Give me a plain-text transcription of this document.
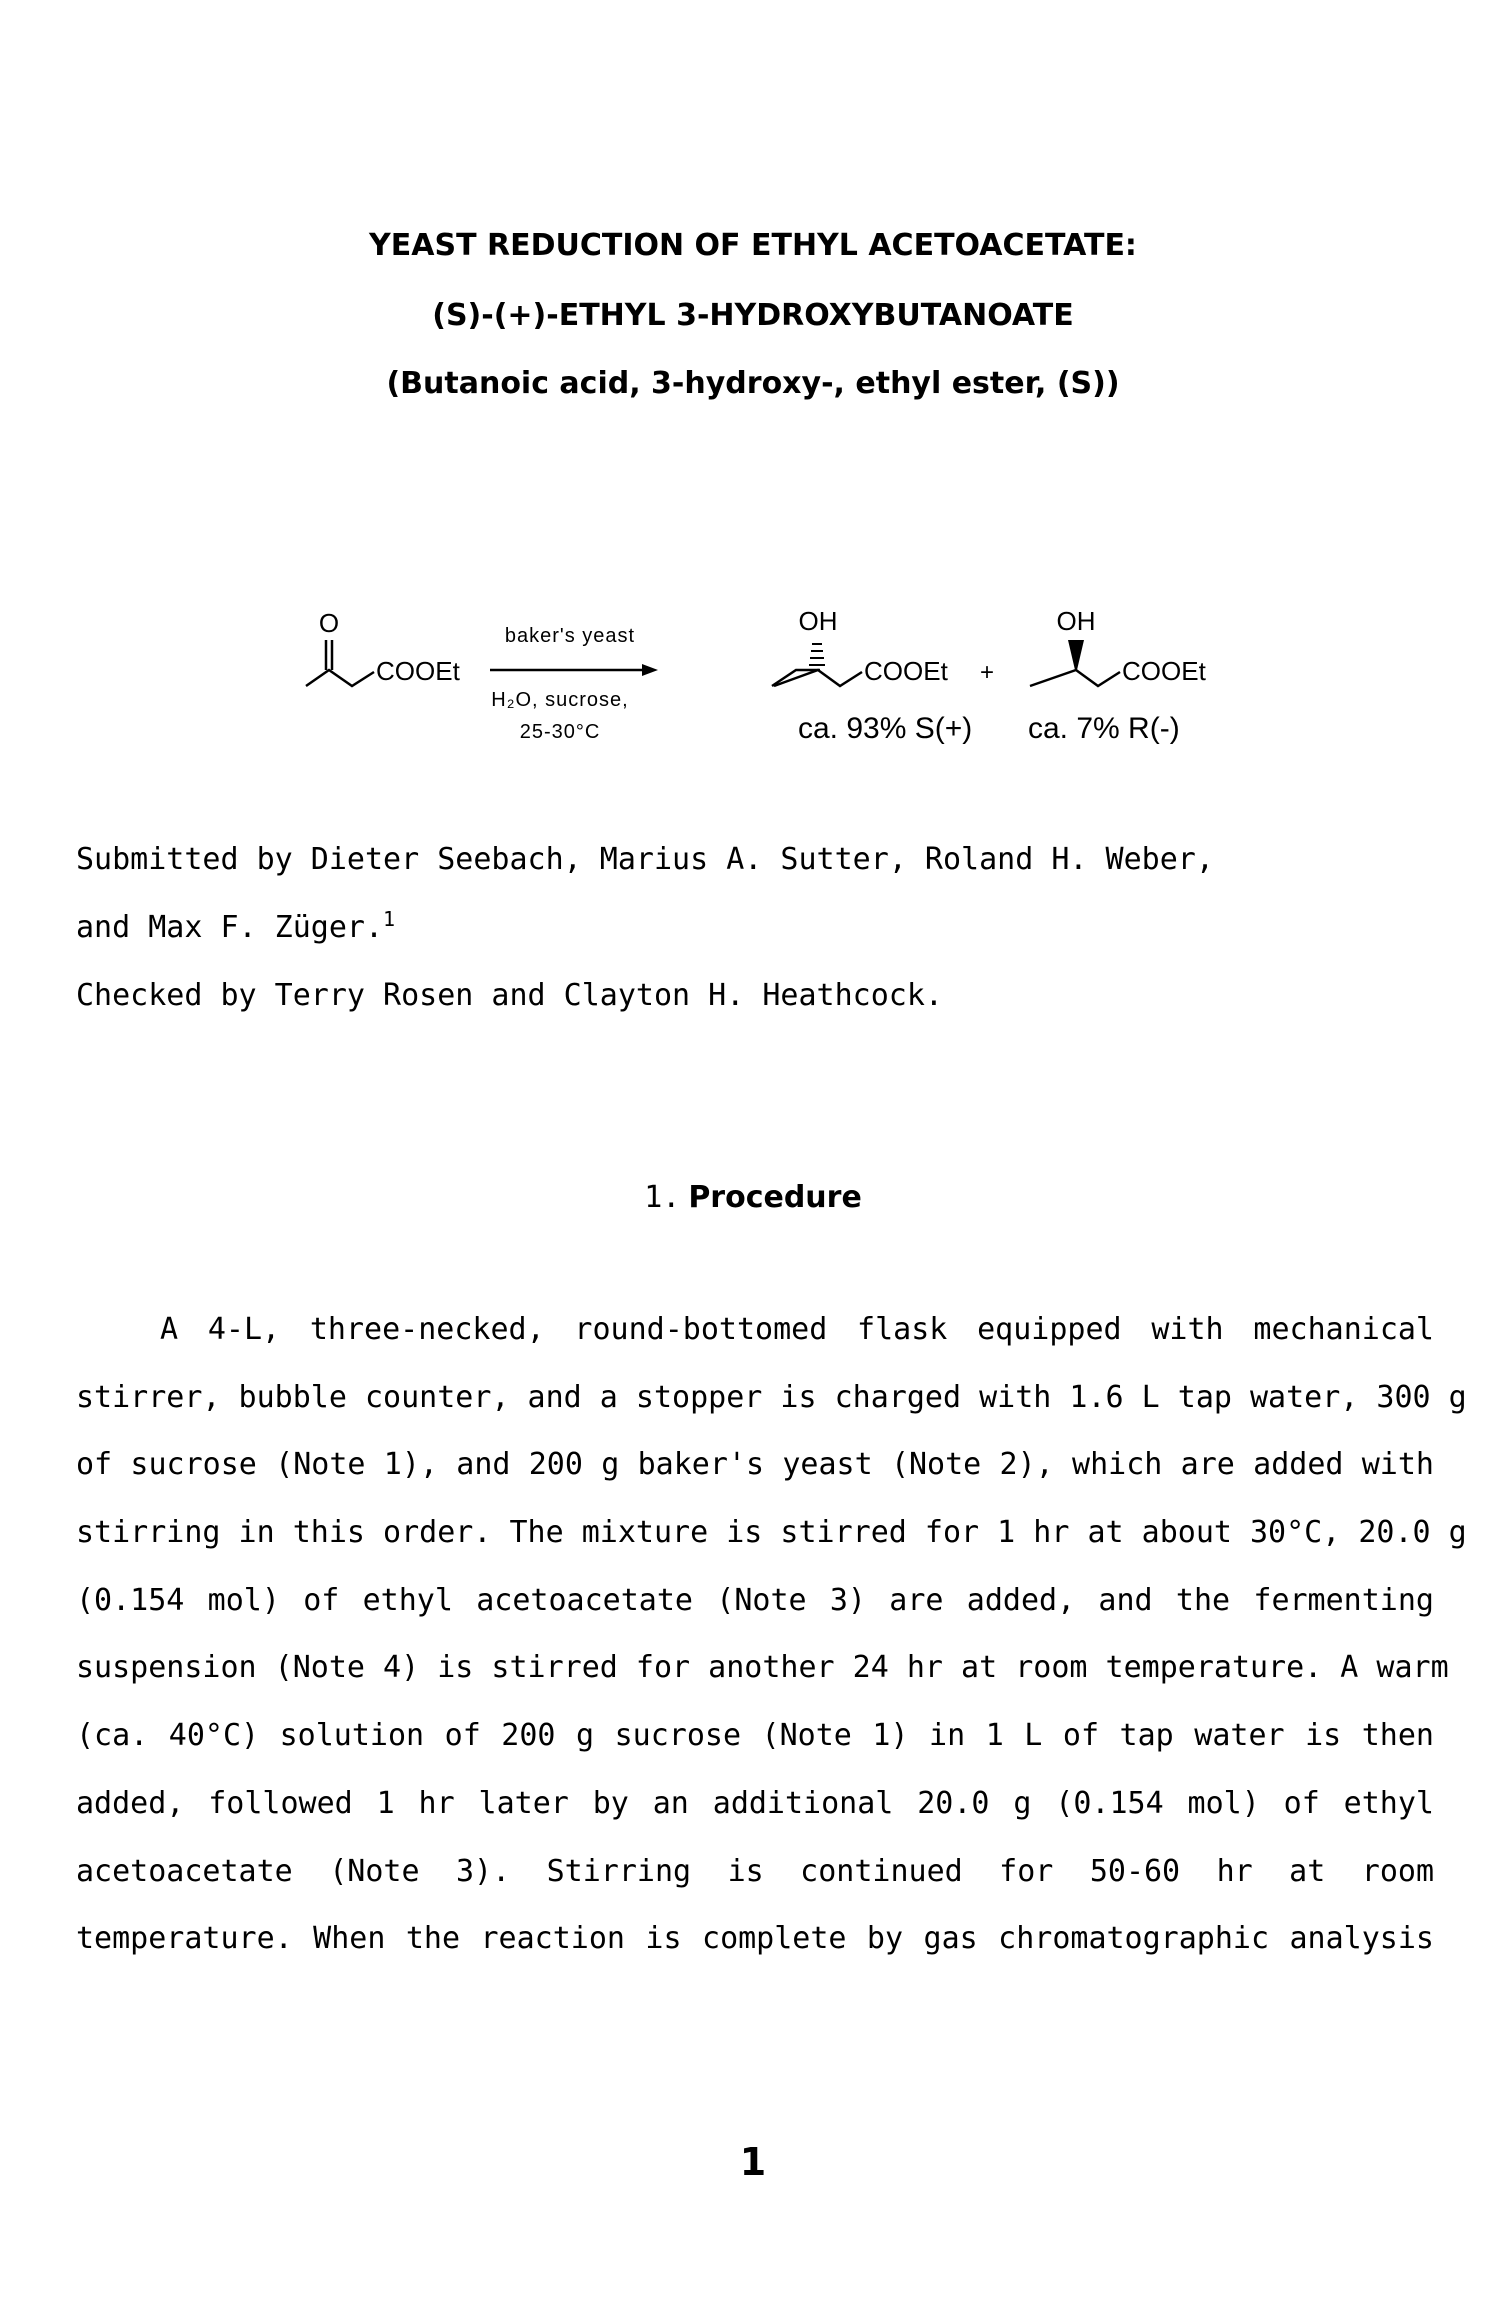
YEAST REDUCTION OF ETHYL ACETOACETATE:
(S)-(+)-ETHYL 3-HYDROXYBUTANOATE
(Butanoic acid, 3-hydroxy-, ethyl ester, (S))
O
COOEt
baker's yeast
H₂O, sucrose,
25-30°C
OH
COOEt
ca. 93% S(+)
+
OH
COOEt
ca. 7% R(-)
Submitted by Dieter Seebach, Marius A. Sutter, Roland H. Weber,
and Max F. Züger.$^1$
Checked by Terry Rosen and Clayton H. Heathcock.
1. Procedure
A 4-L, three-necked, round-bottomed flask equipped with mechanical
stirrer, bubble counter, and a stopper is charged with 1.6 L tap water, 300 g
of sucrose (Note 1), and 200 g baker's yeast (Note 2), which are added with
stirring in this order. The mixture is stirred for 1 hr at about 30°C, 20.0 g
(0.154 mol) of ethyl acetoacetate (Note 3) are added, and the fermenting
suspension (Note 4) is stirred for another 24 hr at room temperature. A warm
(ca. 40°C) solution of 200 g sucrose (Note 1) in 1 L of tap water is then
added, followed 1 hr later by an additional 20.0 g (0.154 mol) of ethyl
acetoacetate (Note 3). Stirring is continued for 50-60 hr at room
temperature. When the reaction is complete by gas chromatographic analysis
1
